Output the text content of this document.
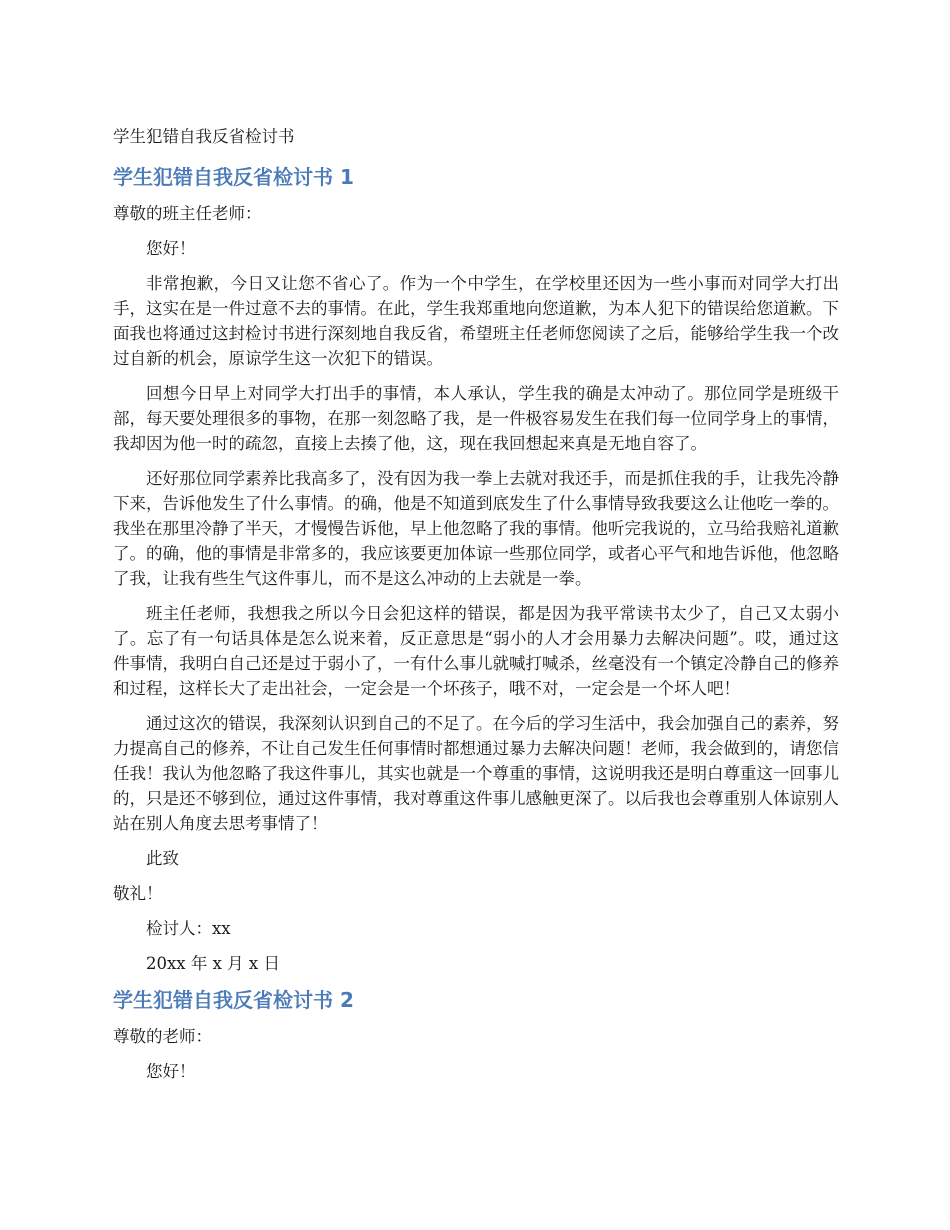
学生犯错自我反省检讨书
学生犯错自我反省检讨书 1

尊敬的班主任老师：

您好！

非常抱歉，今日又让您不省心了。作为一个中学生，在学校里还因为一些小事而对同学大打出手，这实在是一件过意不去的事情。在此，学生我郑重地向您道歉，为本人犯下的错误给您道歉。下面我也将通过这封检讨书进行深刻地自我反省，希望班主任老师您阅读了之后，能够给学生我一个改过自新的机会，原谅学生这一次犯下的错误。

回想今日早上对同学大打出手的事情，本人承认，学生我的确是太冲动了。那位同学是班级干部，每天要处理很多的事物，在那一刻忽略了我，是一件极容易发生在我们每一位同学身上的事情，我却因为他一时的疏忽，直接上去揍了他，这，现在我回想起来真是无地自容了。

还好那位同学素养比我高多了，没有因为我一拳上去就对我还手，而是抓住我的手，让我先冷静下来，告诉他发生了什么事情。的确，他是不知道到底发生了什么事情导致我要这么让他吃一拳的。我坐在那里冷静了半天，才慢慢告诉他，早上他忽略了我的事情。他听完我说的，立马给我赔礼道歉了。的确，他的事情是非常多的，我应该要更加体谅一些那位同学，或者心平气和地告诉他，他忽略了我，让我有些生气这件事儿，而不是这么冲动的上去就是一拳。

班主任老师，我想我之所以今日会犯这样的错误，都是因为我平常读书太少了，自己又太弱小了。忘了有一句话具体是怎么说来着，反正意思是“弱小的人才会用暴力去解决问题”。哎，通过这件事情，我明白自己还是过于弱小了，一有什么事儿就喊打喊杀，丝毫没有一个镇定冷静自己的修养和过程，这样长大了走出社会，一定会是一个坏孩子，哦不对，一定会是一个坏人吧！

通过这次的错误，我深刻认识到自己的不足了。在今后的学习生活中，我会加强自己的素养，努力提高自己的修养，不让自己发生任何事情时都想通过暴力去解决问题！老师，我会做到的，请您信任我！我认为他忽略了我这件事儿，其实也就是一个尊重的事情，这说明我还是明白尊重这一回事儿的，只是还不够到位，通过这件事情，我对尊重这件事儿感触更深了。以后我也会尊重别人体谅别人站在别人角度去思考事情了！

此致

敬礼！

检讨人：xx

20xx 年 x 月 x 日

学生犯错自我反省检讨书 2

尊敬的老师：

您好！
